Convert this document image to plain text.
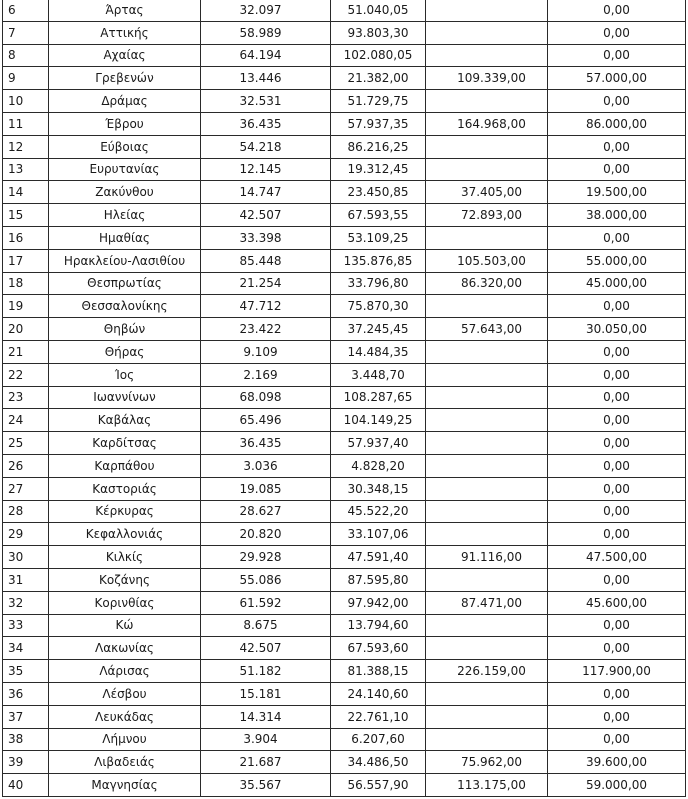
6	Άρτας	32.097	51.040,05		0,00
7	Αττικής	58.989	93.803,30		0,00
8	Αχαίας	64.194	102.080,05		0,00
9	Γρεβενών	13.446	21.382,00	109.339,00	57.000,00
10	Δράμας	32.531	51.729,75		0,00
11	Έβρου	36.435	57.937,35	164.968,00	86.000,00
12	Εύβοιας	54.218	86.216,25		0,00
13	Ευρυτανίας	12.145	19.312,45		0,00
14	Ζακύνθου	14.747	23.450,85	37.405,00	19.500,00
15	Ηλείας	42.507	67.593,55	72.893,00	38.000,00
16	Ημαθίας	33.398	53.109,25		0,00
17	Ηρακλείου-Λασιθίου	85.448	135.876,85	105.503,00	55.000,00
18	Θεσπρωτίας	21.254	33.796,80	86.320,00	45.000,00
19	Θεσσαλονίκης	47.712	75.870,30		0,00
20	Θηβών	23.422	37.245,45	57.643,00	30.050,00
21	Θήρας	9.109	14.484,35		0,00
22	Ίος	2.169	3.448,70		0,00
23	Ιωαννίνων	68.098	108.287,65		0,00
24	Καβάλας	65.496	104.149,25		0,00
25	Καρδίτσας	36.435	57.937,40		0,00
26	Καρπάθου	3.036	4.828,20		0,00
27	Καστοριάς	19.085	30.348,15		0,00
28	Κέρκυρας	28.627	45.522,20		0,00
29	Κεφαλλονιάς	20.820	33.107,06		0,00
30	Κιλκίς	29.928	47.591,40	91.116,00	47.500,00
31	Κοζάνης	55.086	87.595,80		0,00
32	Κορινθίας	61.592	97.942,00	87.471,00	45.600,00
33	Κώ	8.675	13.794,60		0,00
34	Λακωνίας	42.507	67.593,60		0,00
35	Λάρισας	51.182	81.388,15	226.159,00	117.900,00
36	Λέσβου	15.181	24.140,60		0,00
37	Λευκάδας	14.314	22.761,10		0,00
38	Λήμνου	3.904	6.207,60		0,00
39	Λιβαδειάς	21.687	34.486,50	75.962,00	39.600,00
40	Μαγνησίας	35.567	56.557,90	113.175,00	59.000,00
